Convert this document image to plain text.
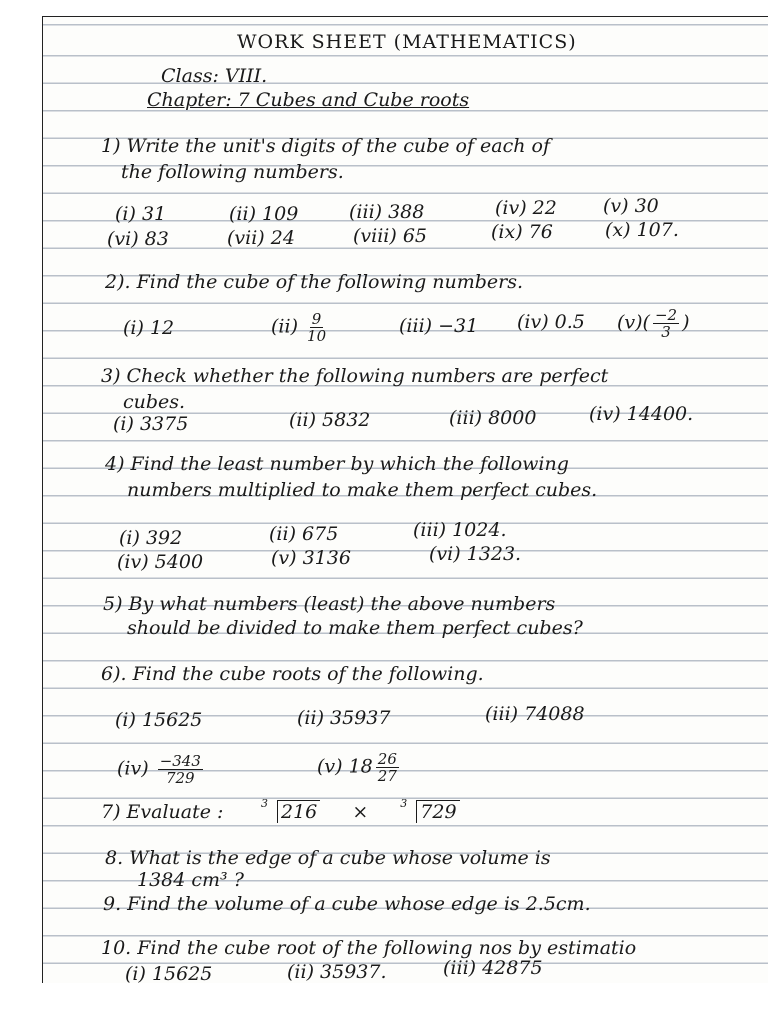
WORK SHEET (MATHEMATICS)
Class: VIII.
Chapter: 7 Cubes and Cube roots
1) Write the unit's digits of the cube of each of
the following numbers.
(i) 31	(ii) 109	(iii) 388	(iv) 22 (v) 30
(vi) 83	(vii) 24	(viii) 65	(ix) 76	(x) 107.
2). Find the cube of the following numbers.
(i) 12	$(ii) \frac{9}{10}$	(iii) −31 (iv) 0.5 $(v)( \frac{-2}{3}$ )
3) Check whether the following numbers are perfect
cubes.
(i) 3375	(ii) 5832	(iii) 8000	(iv) 14400.
4) Find the least number by which the following
numbers multiplied to make them perfect cubes.
(i) 392	(ii) 675	(iii) 1024.
(iv) 5400	(v) 3136	(vi) 1323.
5) By what numbers (least) the above numbers
should be divided to make them perfect cubes?
6). Find the cube roots of the following.
(i) 15625	(ii) 35937	(iii) 74088
$(iv) \frac{-343}{729}$	(v) $18 \frac{26}{27}$
7) Evaluate :	3 216 ×	3 729
8. What is the edge of a cube whose volume is
1384 cm³ ?
9. Find the volume of a cube whose edge is 2.5cm.
10. Find the cube root of the following nos by estimatio
(i) 15625	(ii) 35937.	(iii) 42875
